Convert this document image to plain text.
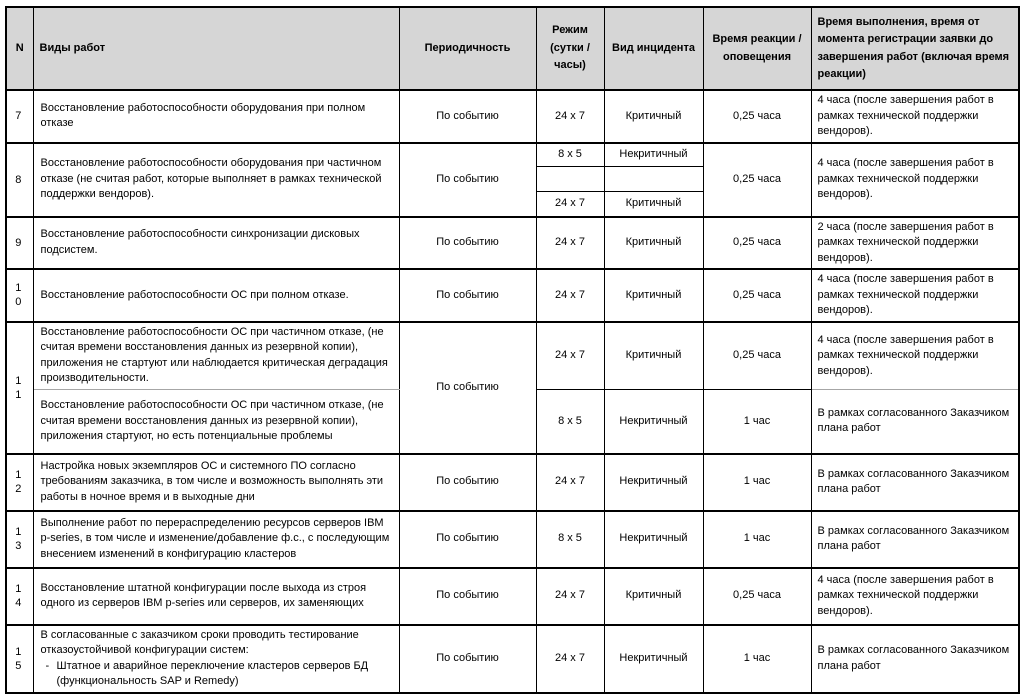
N	Виды работ	Периодичность	Режим (сутки / часы)	Вид инцидента	Время реакции / оповещения	Время выполнения, время от момента регистрации заявки до завершения работ (включая время реакции)

7	Восстановление работоспособности оборудования при полном отказе	По событию	24 x 7	Критичный	0,25 часа	4 часа (после завершения работ в рамках технической поддержки вендоров).

8	Восстановление работоспособности оборудования при частичном отказе (не считая работ, которые выполняет в рамках технической поддержки вендоров).	По событию	8 x 5	Некритичный	0,25 часа	4 часа (после завершения работ в рамках технической поддержки вендоров).

			24 x 7	Критичный		

9	Восстановление работоспособности синхронизации дисковых подсистем.	По событию	24 x 7	Критичный	0,25 часа	2 часа (после завершения работ в рамках технической поддержки вендоров).

10	Восстановление работоспособности ОС при полном отказе.	По событию	24 x 7	Критичный	0,25 часа	4 часа (после завершения работ в рамках технической поддержки вендоров).

11	Восстановление работоспособности ОС при частичном отказе, (не считая времени восстановления данных из резервной копии), приложения не стартуют или наблюдается критическая деградация производительности.	По событию	24 x 7	Критичный	0,25 часа	4 часа (после завершения работ в рамках технической поддержки вендоров).
	Восстановление работоспособности ОС при частичном отказе, (не считая времени восстановления данных из резервной копии), приложения стартуют, но есть потенциальные проблемы		8 x 5	Некритичный	1 час	В рамках согласованного Заказчиком плана работ

12	Настройка новых экземпляров ОС и системного ПО согласно требованиям заказчика, в том числе и возможность выполнять эти работы в ночное время и в выходные дни	По событию	24 x 7	Некритичный	1 час	В рамках согласованного Заказчиком плана работ

13	Выполнение работ по перераспределению ресурсов серверов IBM p-series, в том числе и изменение/добавление ф.с., с последующим внесением изменений в конфигурацию кластеров	По событию	8 x 5	Некритичный	1 час	В рамках согласованного Заказчиком плана работ

14	Восстановление штатной конфигурации после выхода из строя одного из серверов IBM p-series или серверов, их заменяющих	По событию	24 x 7	Критичный	0,25 часа	4 часа (после завершения работ в рамках технической поддержки вендоров).

15	В согласованные с заказчиком сроки проводить тестирование отказоустойчивой конфигурации систем:
- Штатное и аварийное переключение кластеров серверов БД (функциональность SAP и Remedy)	По событию	24 x 7	Некритичный	1 час	В рамках согласованного Заказчиком плана работ
